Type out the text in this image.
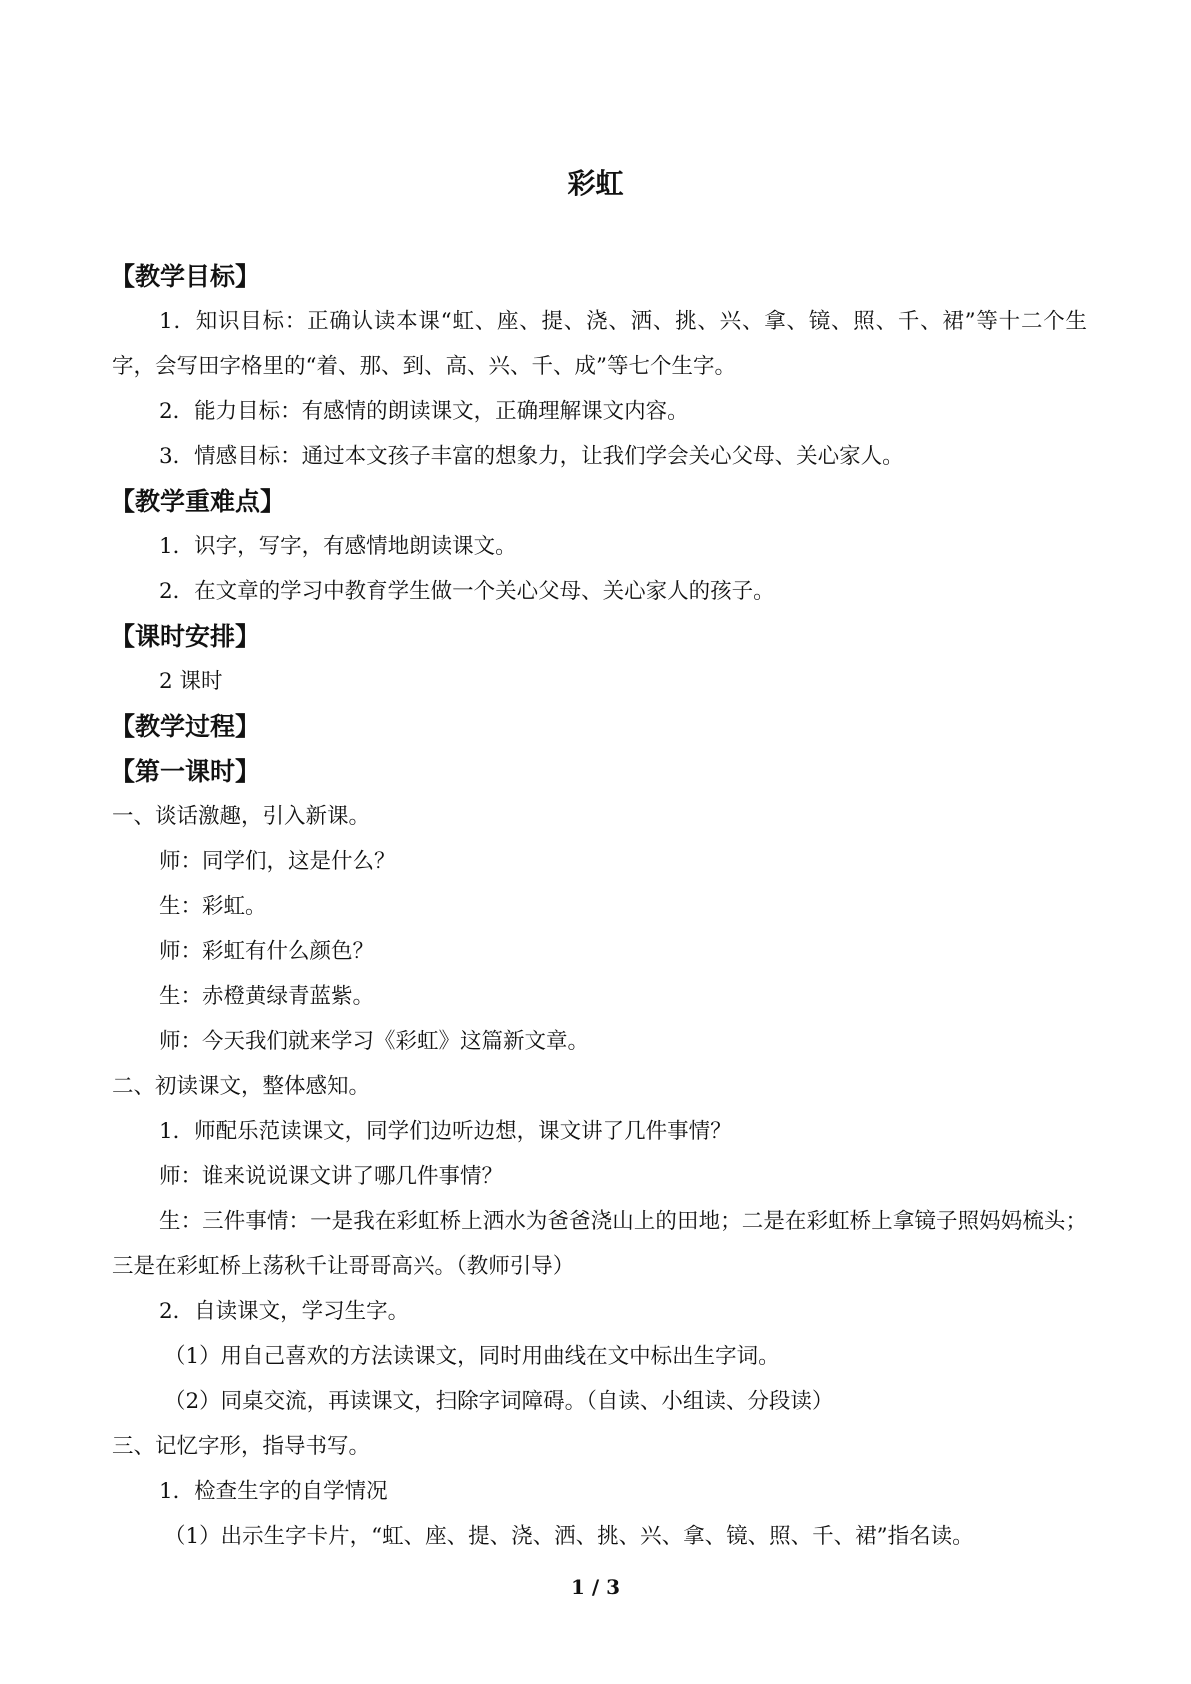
彩虹
【教学目标】
1．知识目标：正确认读本课“虹、座、提、浇、洒、挑、兴、拿、镜、照、千、裙”等十二个生字，会写田字格里的“着、那、到、高、兴、千、成”等七个生字。
2．能力目标：有感情的朗读课文，正确理解课文内容。
3．情感目标：通过本文孩子丰富的想象力，让我们学会关心父母、关心家人。
【教学重难点】
1．识字，写字，有感情地朗读课文。
2．在文章的学习中教育学生做一个关心父母、关心家人的孩子。
【课时安排】
2 课时
【教学过程】
【第一课时】
一、谈话激趣，引入新课。
师：同学们，这是什么？
生：彩虹。
师：彩虹有什么颜色？
生：赤橙黄绿青蓝紫。
师：今天我们就来学习《彩虹》这篇新文章。
二、初读课文，整体感知。
1．师配乐范读课文，同学们边听边想，课文讲了几件事情？
师：谁来说说课文讲了哪几件事情？
生：三件事情：一是我在彩虹桥上洒水为爸爸浇山上的田地；二是在彩虹桥上拿镜子照妈妈梳头；三是在彩虹桥上荡秋千让哥哥高兴。（教师引导）
2．自读课文，学习生字。
（1）用自己喜欢的方法读课文，同时用曲线在文中标出生字词。
（2）同桌交流，再读课文，扫除字词障碍。（自读、小组读、分段读）
三、记忆字形，指导书写。
1．检查生字的自学情况
（1）出示生字卡片，“虹、座、提、浇、洒、挑、兴、拿、镜、照、千、裙”指名读。
1 / 3
